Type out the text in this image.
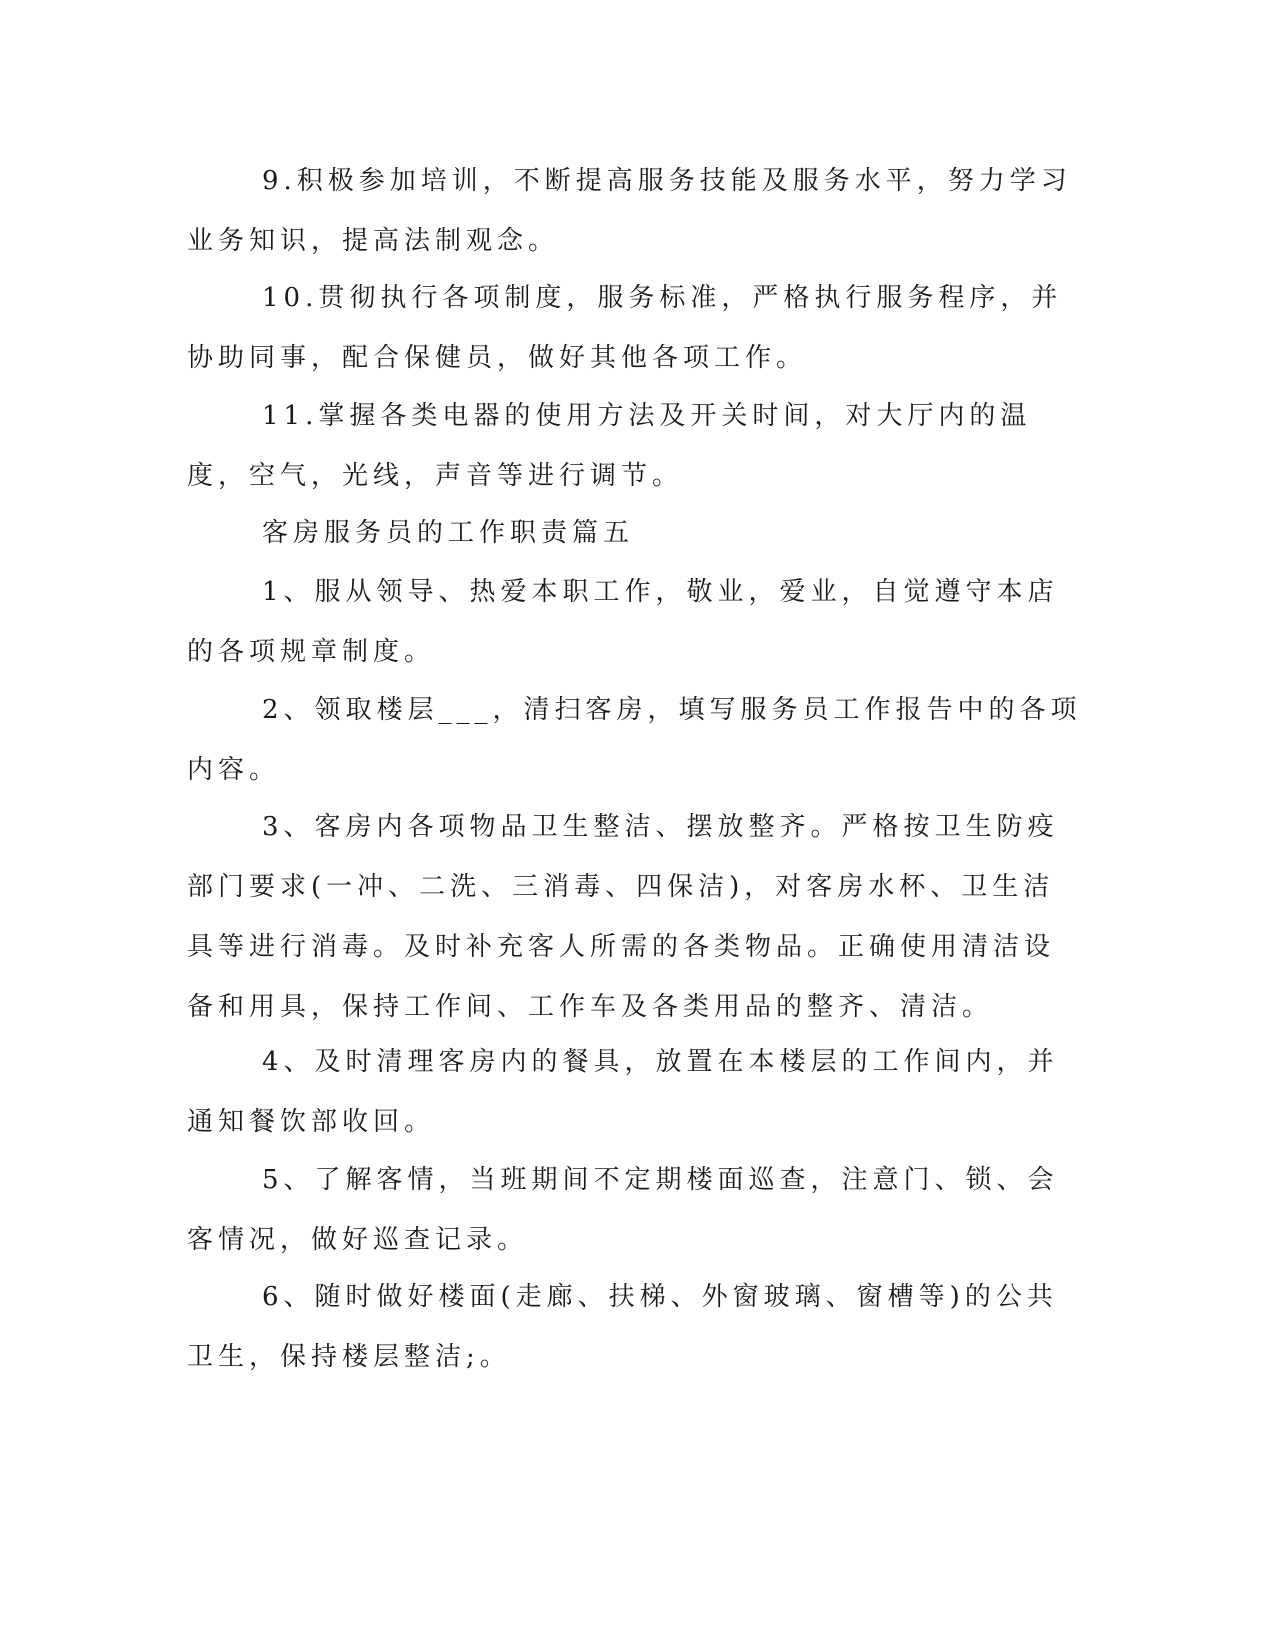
9.积极参加培训，不断提高服务技能及服务水平，努力学习业务知识，提高法制观念。

10.贯彻执行各项制度，服务标准，严格执行服务程序，并协助同事，配合保健员，做好其他各项工作。

11.掌握各类电器的使用方法及开关时间，对大厅内的温度，空气，光线，声音等进行调节。

客房服务员的工作职责篇五

1、服从领导、热爱本职工作，敬业，爱业，自觉遵守本店的各项规章制度。

2、领取楼层___，清扫客房，填写服务员工作报告中的各项内容。

3、客房内各项物品卫生整洁、摆放整齐。严格按卫生防疫部门要求(一冲、二洗、三消毒、四保洁)，对客房水杯、卫生洁具等进行消毒。及时补充客人所需的各类物品。正确使用清洁设备和用具，保持工作间、工作车及各类用品的整齐、清洁。

4、及时清理客房内的餐具，放置在本楼层的工作间内，并通知餐饮部收回。

5、了解客情，当班期间不定期楼面巡查，注意门、锁、会客情况，做好巡查记录。

6、随时做好楼面(走廊、扶梯、外窗玻璃、窗槽等)的公共卫生，保持楼层整洁;。
